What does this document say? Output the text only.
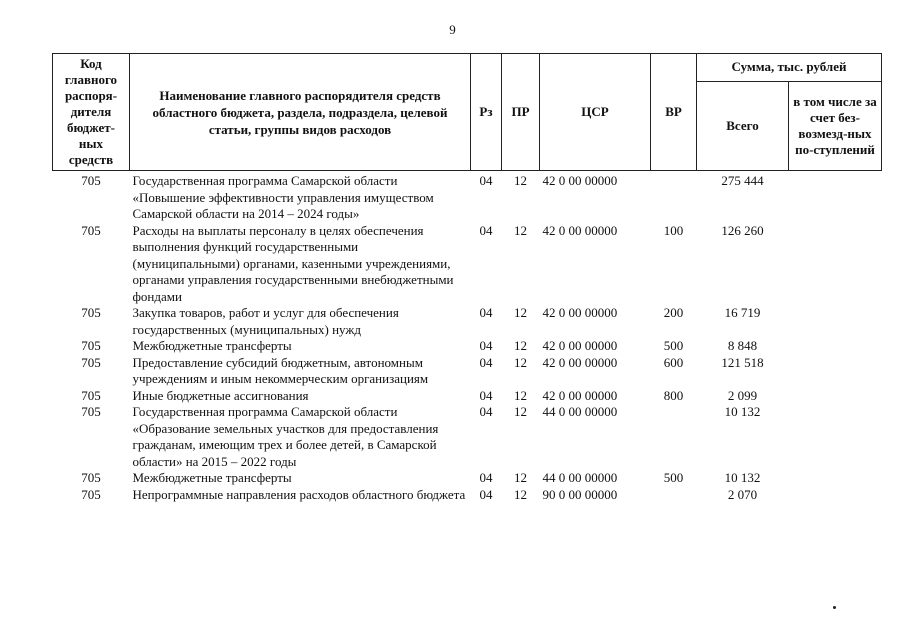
9
Код главного распоря-дителя бюджет-ных средств	Наименование главного распорядителя средств областного бюджета, раздела, подраздела, целевой статьи, группы видов расходов	Рз	ПР	ЦСР	ВР	Сумма, тыс. рублей	
						Всего	в том числе за счет без-возмезд-ных по-ступлений
705	Государственная программа Самарской области «Повышение эффективности управления имуществом Самарской области на 2014 – 2024 годы»	04	12	42 0 00 00000		275 444	
705	Расходы на выплаты персоналу в целях обеспечения выполнения функций государственными (муниципальными) органами, казенными учреждениями, органами управления государственными внебюджетными фондами	04	12	42 0 00 00000	100	126 260	
705	Закупка товаров, работ и услуг для обеспечения государственных (муниципальных) нужд	04	12	42 0 00 00000	200	16 719	
705	Межбюджетные трансферты	04	12	42 0 00 00000	500	8 848	
705	Предоставление субсидий бюджетным, автономным учреждениям и иным некоммерческим организациям	04	12	42 0 00 00000	600	121 518	
705	Иные бюджетные ассигнования	04	12	42 0 00 00000	800	2 099	
705	Государственная программа Самарской области «Образование земельных участков для предоставления гражданам, имеющим трех и более детей, в Самарской области» на 2015 – 2022 годы	04	12	44 0 00 00000		10 132	
705	Межбюджетные трансферты	04	12	44 0 00 00000	500	10 132	
705	Непрограммные направления расходов областного бюджета	04	12	90 0 00 00000		2 070	
